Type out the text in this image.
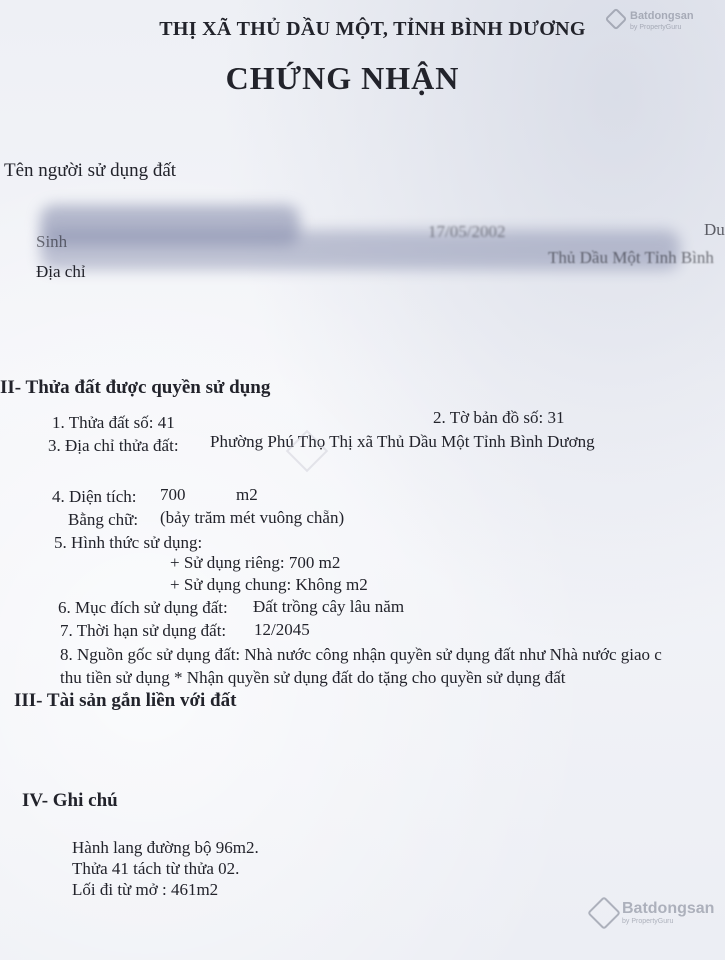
THỊ XÃ THỦ DẦU MỘT, TỈNH BÌNH DƯƠNG
CHỨNG NHẬN
Tên người sử dụng đất
Sinh
17/05/2002	Du
Địa chỉ
Thủ Dầu Một Tỉnh Bình
II- Thửa đất được quyền sử dụng
1. Thửa đất số: 41	2. Tờ bản đồ số: 31
3. Địa chỉ thửa đất: Phường Phú Thọ Thị xã Thủ Dầu Một Tỉnh Bình Dương
4. Diện tích: 700	m2
Bằng chữ: (bảy trăm mét vuông chẵn)
5. Hình thức sử dụng:
+ Sử dụng riêng: 700 m2
+ Sử dụng chung: Không m2
6. Mục đích sử dụng đất: Đất trồng cây lâu năm
7. Thời hạn sử dụng đất: 12/2045
8. Nguồn gốc sử dụng đất: Nhà nước công nhận quyền sử dụng đất như Nhà nước giao c
thu tiền sử dụng * Nhận quyền sử dụng đất do tặng cho quyền sử dụng đất
III- Tài sản gắn liền với đất
IV- Ghi chú
Hành lang đường bộ 96m2.
Thửa 41 tách từ thửa 02.
Lối đi từ mở : 461m2
Batdongsan
by PropertyGuru
Batdongsan
by PropertyGuru
